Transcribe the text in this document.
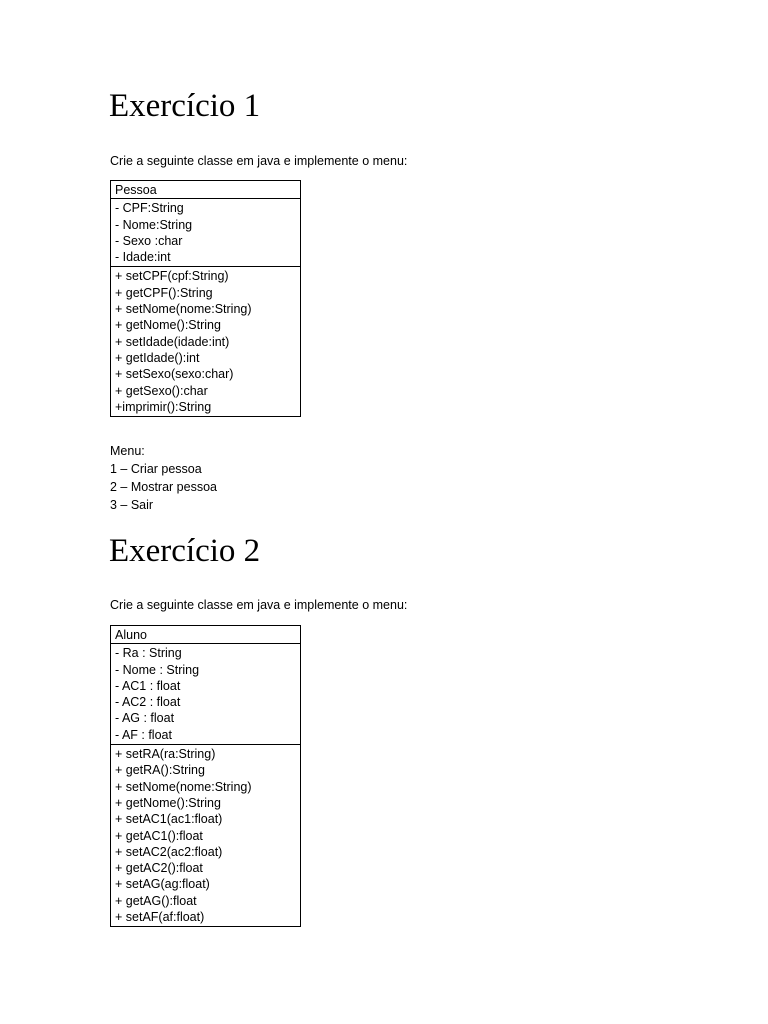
Exercício 1

Crie a seguinte classe em java e implemente o menu:

Pessoa
- CPF:String
- Nome:String
- Sexo :char
- Idade:int
+ setCPF(cpf:String)
+ getCPF():String
+ setNome(nome:String)
+ getNome():String
+ setIdade(idade:int)
+ getIdade():int
+ setSexo(sexo:char)
+ getSexo():char
+imprimir():String
Menu:
1 – Criar pessoa
2 – Mostrar pessoa
3 – Sair
Exercício 2

Crie a seguinte classe em java e implemente o menu:

Aluno
- Ra : String
- Nome : String
- AC1 : float
- AC2 : float
- AG : float
- AF : float
+ setRA(ra:String)
+ getRA():String
+ setNome(nome:String)
+ getNome():String
+ setAC1(ac1:float)
+ getAC1():float
+ setAC2(ac2:float)
+ getAC2():float
+ setAG(ag:float)
+ getAG():float
+ setAF(af:float)
